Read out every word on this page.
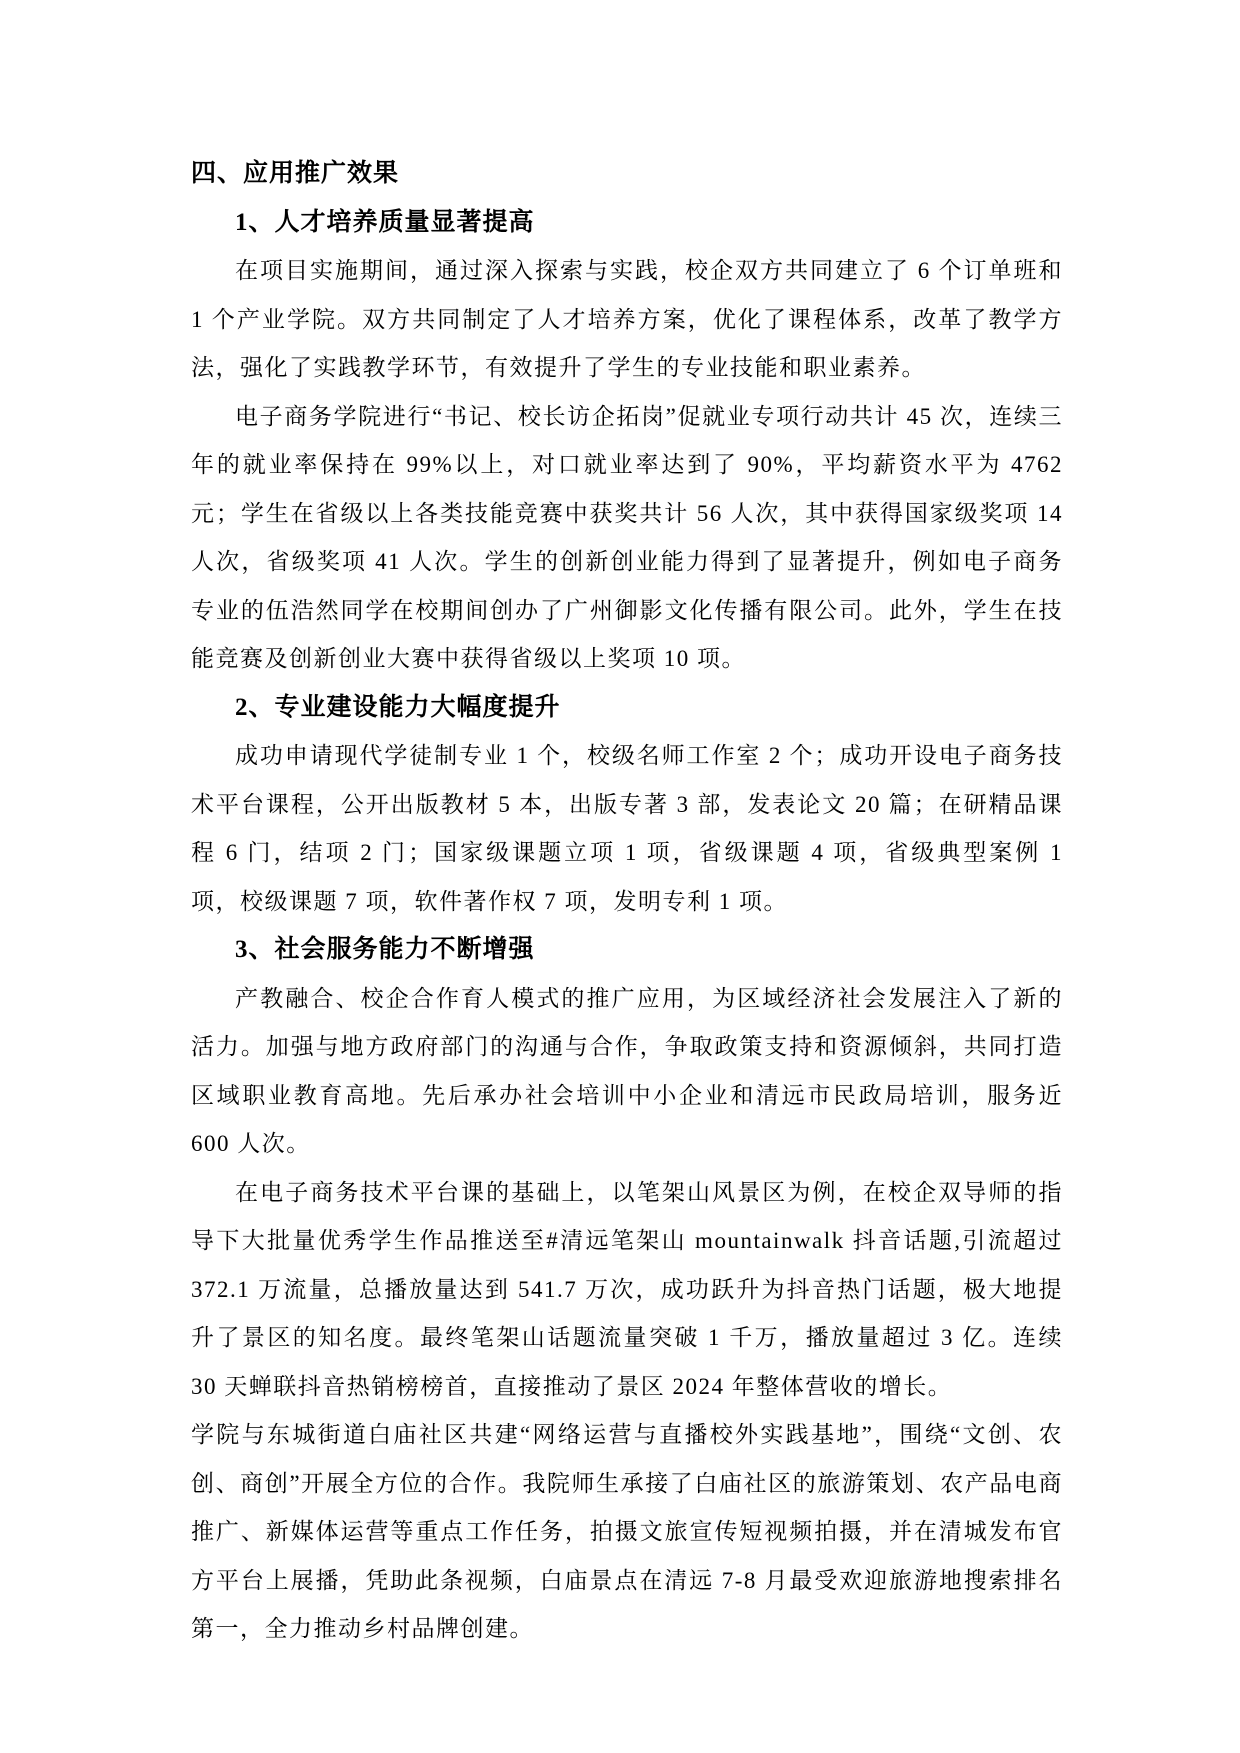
四、应用推广效果
1、人才培养质量显著提高

在项目实施期间，通过深入探索与实践，校企双方共同建立了 6 个订单班和 1 个产业学院。双方共同制定了人才培养方案，优化了课程体系，改革了教学方法，强化了实践教学环节，有效提升了学生的专业技能和职业素养。

电子商务学院进行“书记、校长访企拓岗”促就业专项行动共计 45 次，连续三年的就业率保持在 99%以上，对口就业率达到了 90%，平均薪资水平为 4762 元；学生在省级以上各类技能竞赛中获奖共计 56 人次，其中获得国家级奖项 14 人次，省级奖项 41 人次。学生的创新创业能力得到了显著提升，例如电子商务专业的伍浩然同学在校期间创办了广州御影文化传播有限公司。此外，学生在技能竞赛及创新创业大赛中获得省级以上奖项 10 项。

2、专业建设能力大幅度提升

成功申请现代学徒制专业 1 个，校级名师工作室 2 个；成功开设电子商务技术平台课程，公开出版教材 5 本，出版专著 3 部，发表论文 20 篇；在研精品课程 6 门，结项 2 门；国家级课题立项 1 项，省级课题 4 项，省级典型案例 1 项，校级课题 7 项，软件著作权 7 项，发明专利 1 项。

3、社会服务能力不断增强

产教融合、校企合作育人模式的推广应用，为区域经济社会发展注入了新的活力。加强与地方政府部门的沟通与合作，争取政策支持和资源倾斜，共同打造区域职业教育高地。先后承办社会培训中小企业和清远市民政局培训，服务近 600 人次。

在电子商务技术平台课的基础上，以笔架山风景区为例，在校企双导师的指导下大批量优秀学生作品推送至#清远笔架山 mountainwalk 抖音话题,引流超过 372.1 万流量，总播放量达到 541.7 万次，成功跃升为抖音热门话题，极大地提升了景区的知名度。最终笔架山话题流量突破 1 千万，播放量超过 3 亿。连续 30 天蝉联抖音热销榜榜首，直接推动了景区 2024 年整体营收的增长。

学院与东城街道白庙社区共建“网络运营与直播校外实践基地”，围绕“文创、农创、商创”开展全方位的合作。我院师生承接了白庙社区的旅游策划、农产品电商推广、新媒体运营等重点工作任务，拍摄文旅宣传短视频拍摄，并在清城发布官方平台上展播，凭助此条视频，白庙景点在清远 7-8 月最受欢迎旅游地搜索排名第一，全力推动乡村品牌创建。
